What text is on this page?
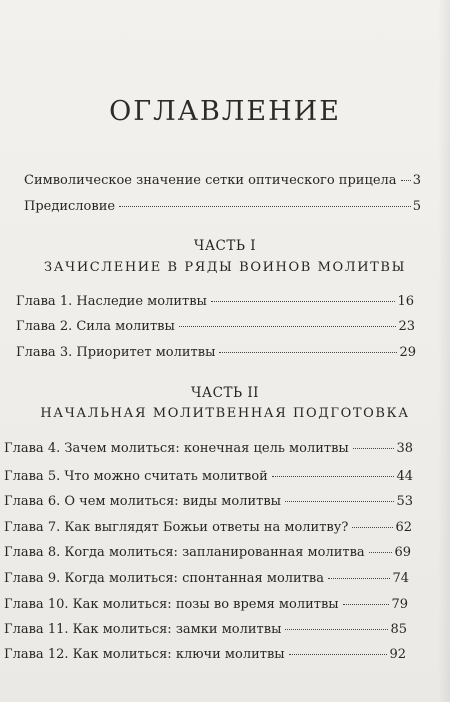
ОГЛАВЛЕНИЕ
Символическое значение сетки оптического прицела 3
Предисловие	5
ЧАСТЬ I
ЗАЧИСЛЕНИЕ В РЯДЫ ВОИНОВ МОЛИТВЫ
Глава 1. Наследие молитвы	16
Глава 2. Сила молитвы	23
Глава 3. Приоритет молитвы	29
ЧАСТЬ II
НАЧАЛЬНАЯ МОЛИТВЕННАЯ ПОДГОТОВКА
Глава 4. Зачем молиться: конечная цель молитвы	38
Глава 5. Что можно считать молитвой	44
Глава 6. О чем молиться: виды молитвы	53
Глава 7. Как выглядят Божьи ответы на молитву?	62
Глава 8. Когда молиться: запланированная молитва 69
Глава 9. Когда молиться: спонтанная молитва	74
Глава 10. Как молиться: позы во время молитвы	79
Глава 11. Как молиться: замки молитвы	85
Глава 12. Как молиться: ключи молитвы	92
